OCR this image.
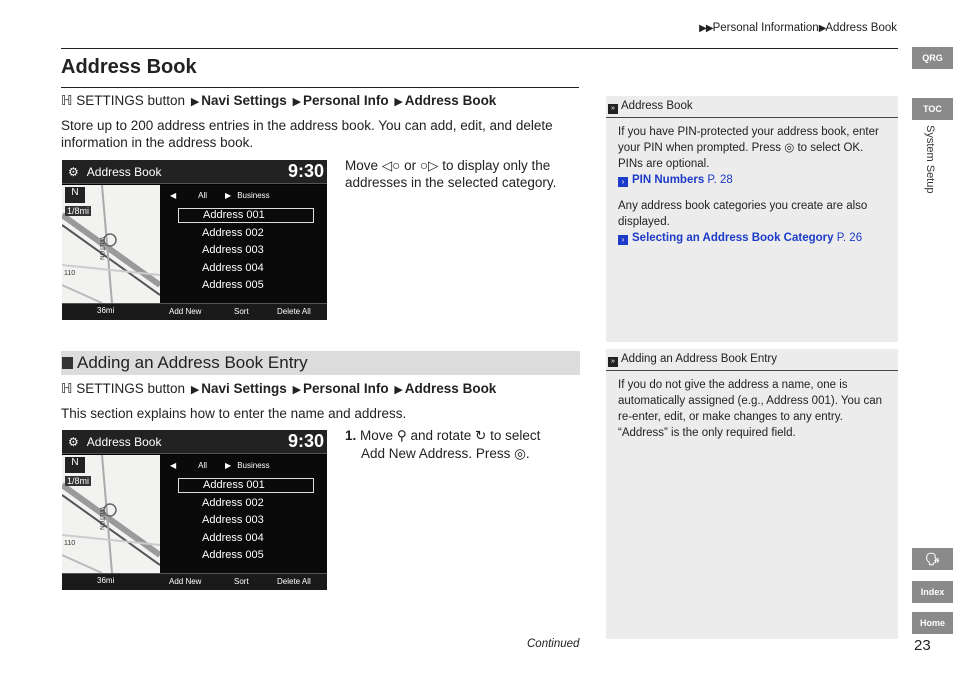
▶▶Personal Information▶Address Book
Address Book
ℍ SETTINGS button ▶ Navi Settings ▶ Personal Info ▶ Address Book
Store up to 200 address entries in the address book. You can add, edit, and delete information in the address book.
⚙ Address Book	9:30
N
1/8mi
WILTON
110
◀	All ▶ Business
Address 001
Address 002
Address 003
Address 004
Address 005
36mi	Add New	Sort	Delete All
Move ◁○ or ○▷ to display only the addresses in the selected category.
Adding an Address Book Entry
ℍ SETTINGS button ▶ Navi Settings ▶ Personal Info ▶ Address Book
This section explains how to enter the name and address.
⚙ Address Book	9:30
N
1/8mi
WILTON
110
◀	All ▶ Business
Address 001
Address 002
Address 003
Address 004
Address 005
36mi	Add New	Sort	Delete All
1. Move ⚲ and rotate ↻ to select
Add New Address. Press ◎.
» Address Book
If you have PIN-protected your address book, enter your PIN when prompted. Press ◎ to select OK. PINs are optional.
› PIN Numbers P. 28
Any address book categories you create are also displayed.
› Selecting an Address Book Category P. 26
» Adding an Address Book Entry
If you do not give the address a name, one is automatically assigned (e.g., Address 001). You can re-enter, edit, or make changes to any entry. “Address” is the only required field.
QRG
TOC
System Setup
🗣
Index
Home
23
Continued
